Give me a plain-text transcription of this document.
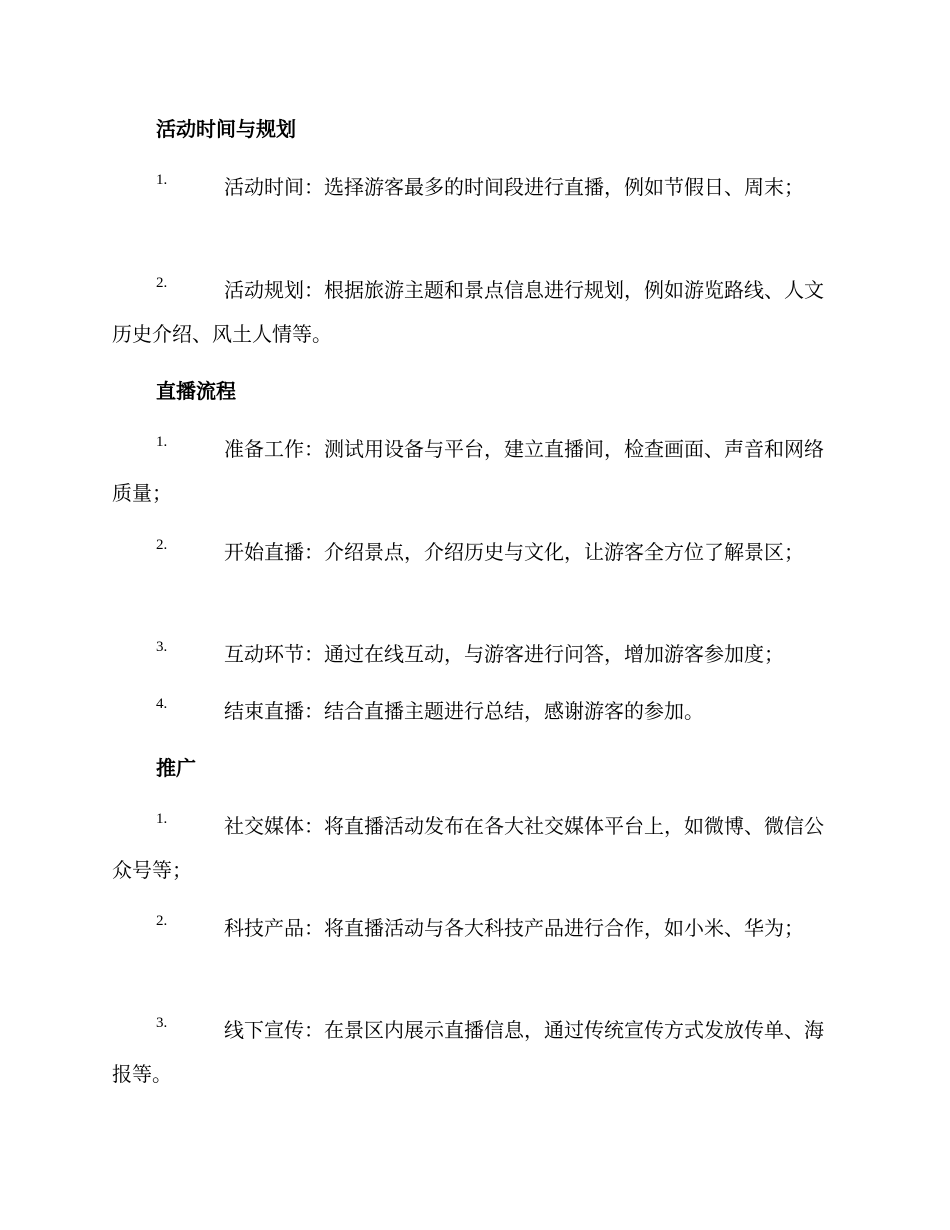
活动时间与规划
1.	活动时间：选择游客最多的时间段进行直播，例如节假日、周末；

2.	活动规划：根据旅游主题和景点信息进行规划，例如游览路线、人文历史介绍、风土人情等。

直播流程
1.	准备工作：测试用设备与平台，建立直播间，检查画面、声音和网络质量；

2.	开始直播：介绍景点，介绍历史与文化，让游客全方位了解景区；

3.	互动环节：通过在线互动，与游客进行问答，增加游客参加度；

4.	结束直播：结合直播主题进行总结，感谢游客的参加。

推广
1.	社交媒体：将直播活动发布在各大社交媒体平台上，如微博、微信公众号等；

2.	科技产品：将直播活动与各大科技产品进行合作，如小米、华为；

3.	线下宣传：在景区内展示直播信息，通过传统宣传方式发放传单、海报等。
